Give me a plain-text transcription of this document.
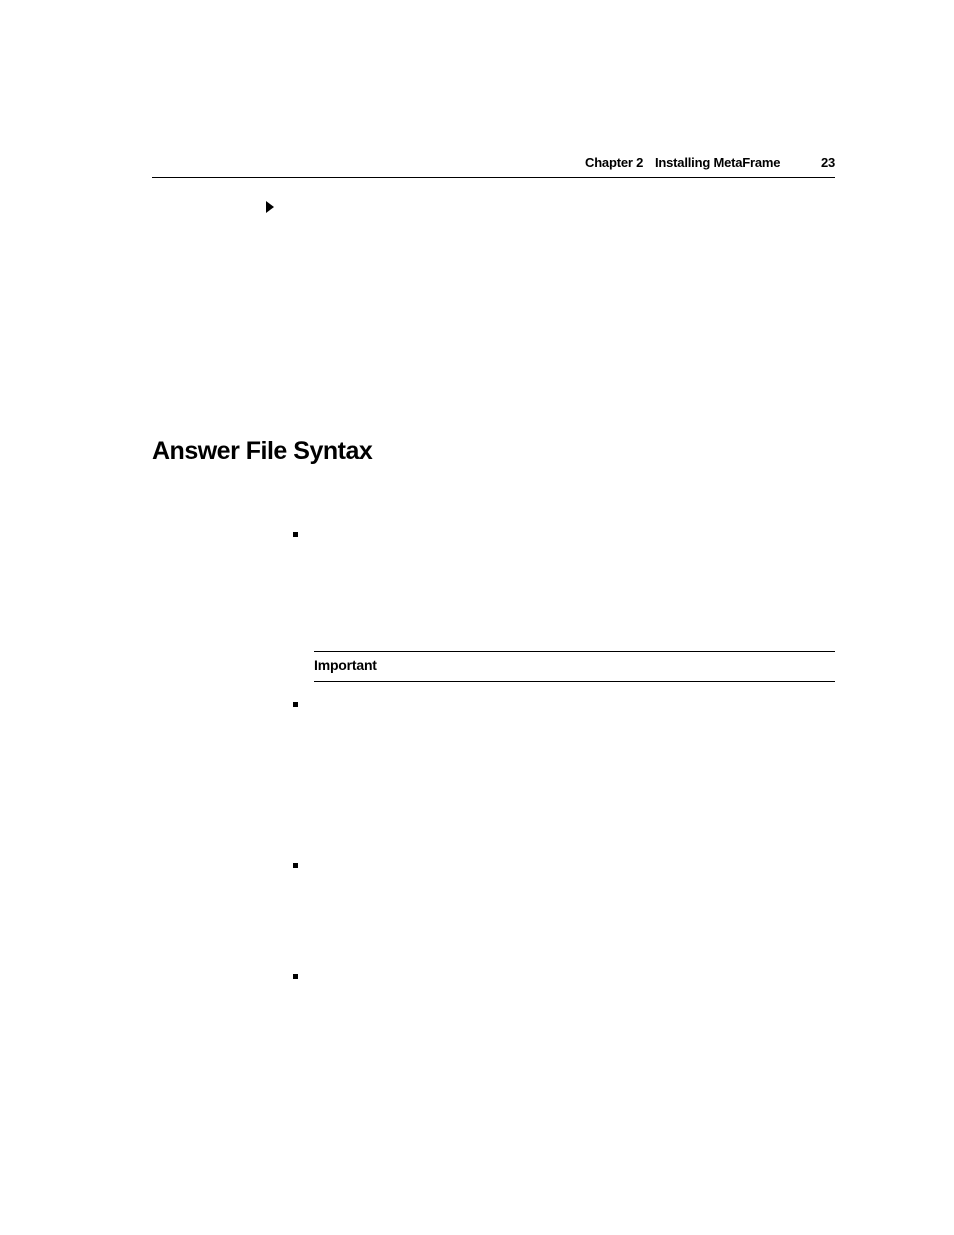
Chapter 2 Installing MetaFrame	23
Answer File Syntax
Important
